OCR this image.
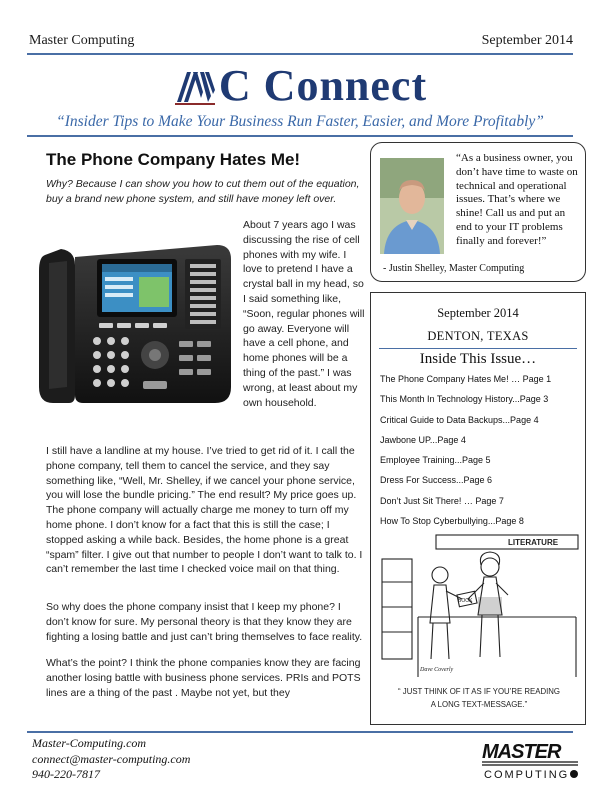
Master Computing	September 2014
C Connect
“Insider Tips to Make Your Business Run Faster, Easier, and More Profitably”
The Phone Company Hates Me!
Why? Because I can show you how to cut them out of the equation, buy a brand new phone system, and still have money left over.
About 7 years ago I was discussing the rise of cell phones with my wife. I love to pretend I have a crystal ball in my head, so I said something like, “Soon, regular phones will go away. Everyone will have a cell phone, and home phones will be a thing of the past.” I was wrong, at least about my own household.
I still have a landline at my house. I’ve tried to get rid of it. I call the phone company, tell them to cancel the service, and they say something like, “Well, Mr. Shelley, if we cancel your phone service, you will lose the bundle pricing.” The end result? My price goes up. The phone company will actually charge me money to turn off my home phone. I don’t know for a fact that this is still the case; I stopped asking a while back. Besides, the home phone is a great “spam” filter. I give out that number to people I don’t want to talk to. I can’t remember the last time I checked voice mail on that thing.
So why does the phone company insist that I keep my phone? I don’t know for sure. My personal theory is that they know they are fighting a losing battle and just can’t bring themselves to face reality.
What’s the point? I think the phone companies know they are facing another losing battle with business phone services. PRIs and POTS lines are a thing of the past . Maybe not yet, but they
“As a business owner, you don’t have time to waste on technical and operational issues. That’s where we shine! Call us and put an end to your IT problems finally and forever!”
- Justin Shelley, Master Computing
September 2014
DENTON, TEXAS
Inside This Issue…
The Phone Company Hates Me! … Page 1
This Month In Technology History...Page 3
Critical Guide to Data Backups...Page 4
Jawbone UP...Page 4
Employee Training...Page 5
Dress For Success...Page 6
Don’t Just Sit There! … Page 7
How To Stop Cyberbullying...Page 8
LITERATURE
BOOK
Dave Coverly
“ JUST THINK OF IT AS IF YOU’RE READING
A LONG TEXT-MESSAGE.”
Master-Computing.com
connect@master-computing.com
940-220-7817
MASTER
COMPUTING
